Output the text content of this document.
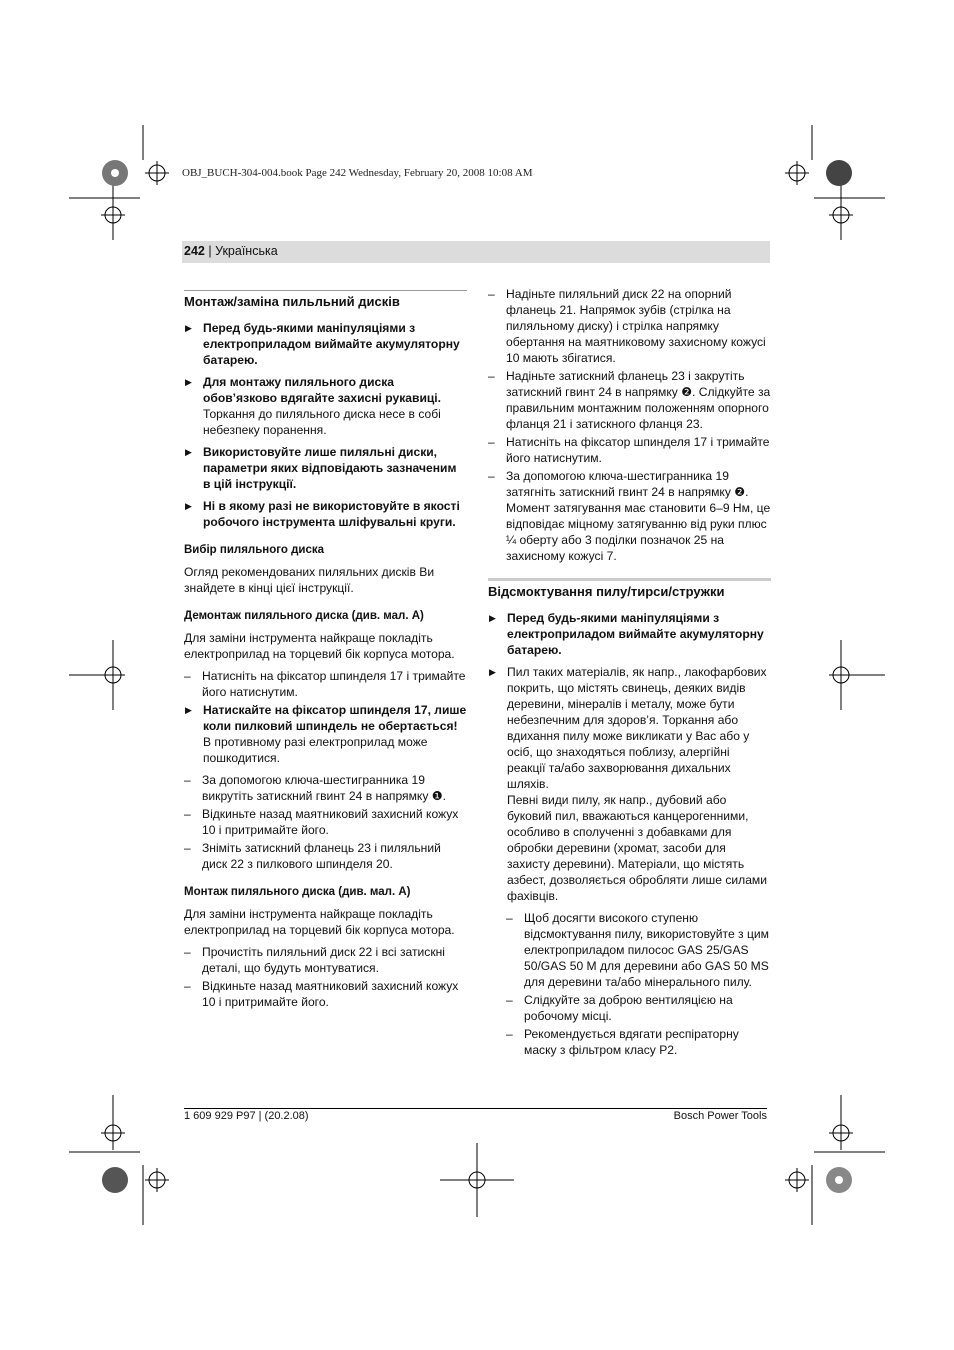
OBJ_BUCH-304-004.book Page 242 Wednesday, February 20, 2008 10:08 AM
242 | Українська
Монтаж/заміна пильльний дисків
▶ Перед будь-якими маніпуляціями з електроприладом виймайте акумуляторну батарею.
▶ Для монтажу пиляльного диска обов’язково вдягайте захисні рукавиці. Торкання до пиляльного диска несе в собі небезпеку поранення.
▶ Використовуйте лише пиляльні диски, параметри яких відповідають зазначеним в цій інструкції.
▶ Ні в якому разі не використовуйте в якості робочого інструмента шліфувальні круги.
Вибір пиляльного диска
Огляд рекомендованих пиляльних дисків Ви знайдете в кінці цієї інструкції.
Демонтаж пиляльного диска (див. мал. А)
Для заміни інструмента найкраще покладіть електроприлад на торцевий бік корпуса мотора.
– Натисніть на фіксатор шпинделя 17 і тримайте його натиснутим.
▶ Натискайте на фіксатор шпинделя 17, лише коли пилковий шпиндель не обертається! В противному разі електроприлад може пошкодитися.
– За допомогою ключа-шестигранника 19 викрутіть затискний гвинт 24 в напрямку ❶.
– Відкиньте назад маятниковий захисний кожух 10 і притримайте його.
– Зніміть затискний фланець 23 і пиляльний диск 22 з пилкового шпинделя 20.
Монтаж пиляльного диска (див. мал. А)
Для заміни інструмента найкраще покладіть електроприлад на торцевий бік корпуса мотора.
– Прочистіть пиляльний диск 22 і всі затискні деталі, що будуть монтуватися.
– Відкиньте назад маятниковий захисний кожух 10 і притримайте його.
– Надіньте пиляльний диск 22 на опорний фланець 21. Напрямок зубів (стрілка на пиляльному диску) і стрілка напрямку обертання на маятниковому захисному кожусі 10 мають збігатися.
– Надіньте затискний фланець 23 і закрутіть затискний гвинт 24 в напрямку ❷. Слідкуйте за правильним монтажним положенням опорного фланця 21 і затискного фланця 23.
– Натисніть на фіксатор шпинделя 17 і тримайте його натиснутим.
– За допомогою ключа-шестигранника 19 затягніть затискний гвинт 24 в напрямку ❷. Момент затягування має становити 6–9 Нм, це відповідає міцному затягуванню від руки плюс ¼ оберту або 3 поділки позначок 25 на захисному кожусі 7.
Відсмоктування пилу/тирси/стружки
▶ Перед будь-якими маніпуляціями з електроприладом виймайте акумуляторну батарею.
▶ Пил таких матеріалів, як напр., лакофарбових покрить, що містять свинець, деяких видів деревини, мінералів і металу, може бути небезпечним для здоров’я. Торкання або вдихання пилу може викликати у Вас або у осіб, що знаходяться поблизу, алергійні реакції та/або захворювання дихальних шляхів.
Певні види пилу, як напр., дубовий або буковий пил, вважаються канцерогенними, особливо в сполученні з добавками для обробки деревини (хромат, засоби для захисту деревини). Матеріали, що містять азбест, дозволяється обробляти лише силами фахівців.
– Щоб досягти високого ступеню відсмоктування пилу, використовуйте з цим електроприладом пилосос GAS 25/GAS 50/GAS 50 M для деревини або GAS 50 MS для деревини та/або мінерального пилу.
– Слідкуйте за доброю вентиляцією на робочому місці.
– Рекомендується вдягати респіраторну маску з фільтром класу P2.
1 609 929 P97 | (20.2.08)	Bosch Power Tools
